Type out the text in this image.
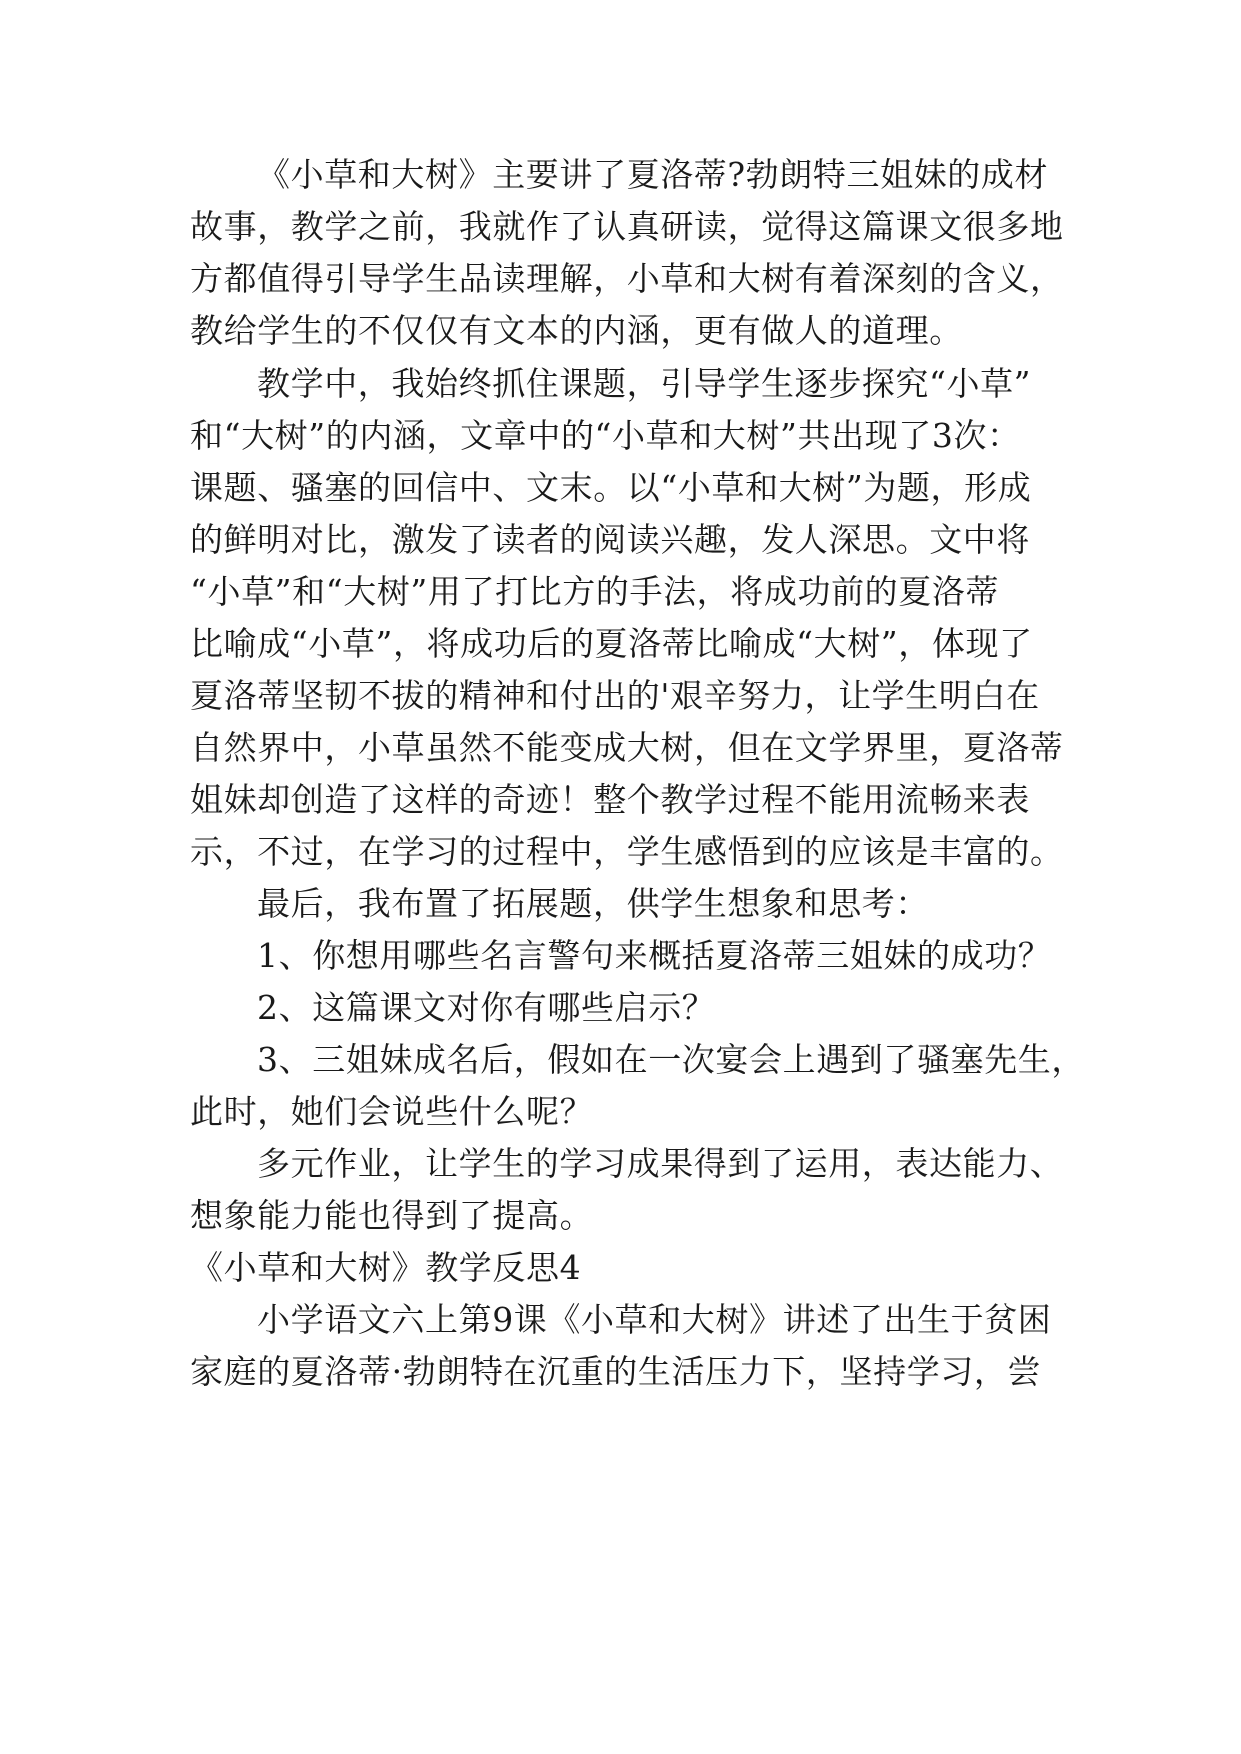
《小草和大树》主要讲了夏洛蒂?勃朗特三姐妹的成材
故事，教学之前，我就作了认真研读，觉得这篇课文很多地
方都值得引导学生品读理解，小草和大树有着深刻的含义，
教给学生的不仅仅有文本的内涵，更有做人的道理。
教学中，我始终抓住课题，引导学生逐步探究“小草”
和“大树”的内涵，文章中的“小草和大树”共出现了3次：
课题、骚塞的回信中、文末。以“小草和大树”为题，形成
的鲜明对比，激发了读者的阅读兴趣，发人深思。文中将
“小草”和“大树”用了打比方的手法，将成功前的夏洛蒂
比喻成“小草”，将成功后的夏洛蒂比喻成“大树”，体现了
夏洛蒂坚韧不拔的精神和付出的'艰辛努力，让学生明白在
自然界中，小草虽然不能变成大树，但在文学界里，夏洛蒂
姐妹却创造了这样的奇迹！整个教学过程不能用流畅来表
示，不过，在学习的过程中，学生感悟到的应该是丰富的。
最后，我布置了拓展题，供学生想象和思考：
1、你想用哪些名言警句来概括夏洛蒂三姐妹的成功？
2、这篇课文对你有哪些启示？
3、三姐妹成名后，假如在一次宴会上遇到了骚塞先生，
此时，她们会说些什么呢？
多元作业，让学生的学习成果得到了运用，表达能力、
想象能力能也得到了提高。
《小草和大树》教学反思4
小学语文六上第9课《小草和大树》讲述了出生于贫困
家庭的夏洛蒂·勃朗特在沉重的生活压力下，坚持学习，尝
